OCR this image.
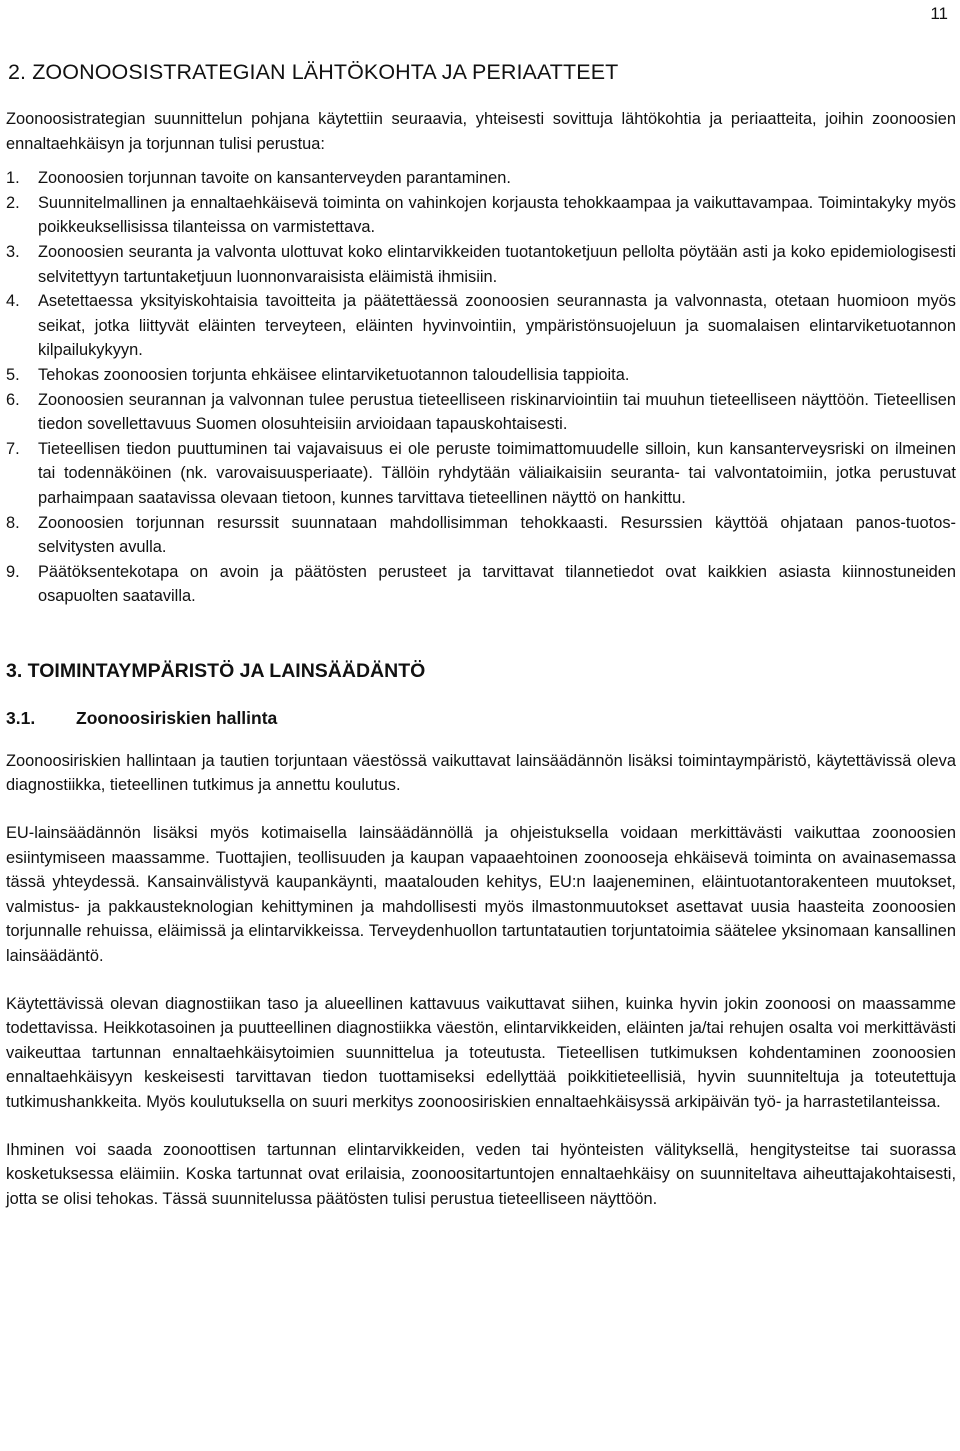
11
2. ZOONOOSISTRATEGIAN LÄHTÖKOHTA JA PERIAATTEET

Zoonoosistrategian suunnittelun pohjana käytettiin seuraavia, yhteisesti sovittuja lähtökohtia ja periaatteita, joihin zoonoosien ennaltaehkäisyn ja torjunnan tulisi perustua:

1. Zoonoosien torjunnan tavoite on kansanterveyden parantaminen.
2. Suunnitelmallinen ja ennaltaehkäisevä toiminta on vahinkojen korjausta tehokkaampaa ja vaikuttavampaa. Toimintakyky myös poikkeuksellisissa tilanteissa on varmistettava.
3. Zoonoosien seuranta ja valvonta ulottuvat koko elintarvikkeiden tuotantoketjuun pellolta pöytään asti ja koko epidemiologisesti selvitettyyn tartuntaketjuun luonnonvaraisista eläimistä ihmisiin.
4. Asetettaessa yksityiskohtaisia tavoitteita ja päätettäessä zoonoosien seurannasta ja valvonnasta, otetaan huomioon myös seikat, jotka liittyvät eläinten terveyteen, eläinten hyvinvointiin, ympäristönsuojeluun ja suomalaisen elintarviketuotannon kilpailukykyyn.
5. Tehokas zoonoosien torjunta ehkäisee elintarviketuotannon taloudellisia tappioita.
6. Zoonoosien seurannan ja valvonnan tulee perustua tieteelliseen riskinarviointiin tai muuhun tieteelliseen näyttöön. Tieteellisen tiedon sovellettavuus Suomen olosuhteisiin arvioidaan tapauskohtaisesti.
7. Tieteellisen tiedon puuttuminen tai vajavaisuus ei ole peruste toimimattomuudelle silloin, kun kansanterveysriski on ilmeinen tai todennäköinen (nk. varovaisuusperiaate). Tällöin ryhdytään väliaikaisiin seuranta- tai valvontatoimiin, jotka perustuvat parhaimpaan saatavissa olevaan tietoon, kunnes tarvittava tieteellinen näyttö on hankittu.
8. Zoonoosien torjunnan resurssit suunnataan mahdollisimman tehokkaasti. Resurssien käyttöä ohjataan panos-tuotos-selvitysten avulla.
9. Päätöksentekotapa on avoin ja päätösten perusteet ja tarvittavat tilannetiedot ovat kaikkien asiasta kiinnostuneiden osapuolten saatavilla.
3. TOIMINTAYMPÄRISTÖ JA LAINSÄÄDÄNTÖ
3.1.	Zoonoosiriskien hallinta

Zoonoosiriskien hallintaan ja tautien torjuntaan väestössä vaikuttavat lainsäädännön lisäksi toimintaympäristö, käytettävissä oleva diagnostiikka, tieteellinen tutkimus ja annettu koulutus.

EU-lainsäädännön lisäksi myös kotimaisella lainsäädännöllä ja ohjeistuksella voidaan merkittävästi vaikuttaa zoonoosien esiintymiseen maassamme. Tuottajien, teollisuuden ja kaupan vapaaehtoinen zoonooseja ehkäisevä toiminta on avainasemassa tässä yhteydessä. Kansainvälistyvä kaupankäynti, maatalouden kehitys, EU:n laajeneminen, eläintuotantorakenteen muutokset, valmistus- ja pakkausteknologian kehittyminen ja mahdollisesti myös ilmastonmuutokset asettavat uusia haasteita zoonoosien torjunnalle rehuissa, eläimissä ja elintarvikkeissa. Terveydenhuollon tartuntatautien torjuntatoimia säätelee yksinomaan kansallinen lainsäädäntö.

Käytettävissä olevan diagnostiikan taso ja alueellinen kattavuus vaikuttavat siihen, kuinka hyvin jokin zoonoosi on maassamme todettavissa. Heikkotasoinen ja puutteellinen diagnostiikka väestön, elintarvikkeiden, eläinten ja/tai rehujen osalta voi merkittävästi vaikeuttaa tartunnan ennaltaehkäisytoimien suunnittelua ja toteutusta. Tieteellisen tutkimuksen kohdentaminen zoonoosien ennaltaehkäisyyn keskeisesti tarvittavan tiedon tuottamiseksi edellyttää poikkitieteellisiä, hyvin suunniteltuja ja toteutettuja tutkimushankkeita. Myös koulutuksella on suuri merkitys zoonoosiriskien ennaltaehkäisyssä arkipäivän työ- ja harrastetilanteissa.

Ihminen voi saada zoonoottisen tartunnan elintarvikkeiden, veden tai hyönteisten välityksellä, hengitysteitse tai suorassa kosketuksessa eläimiin. Koska tartunnat ovat erilaisia, zoonoositartuntojen ennaltaehkäisy on suunniteltava aiheuttajakohtaisesti, jotta se olisi tehokas. Tässä suunnitelussa päätösten tulisi perustua tieteelliseen näyttöön.
